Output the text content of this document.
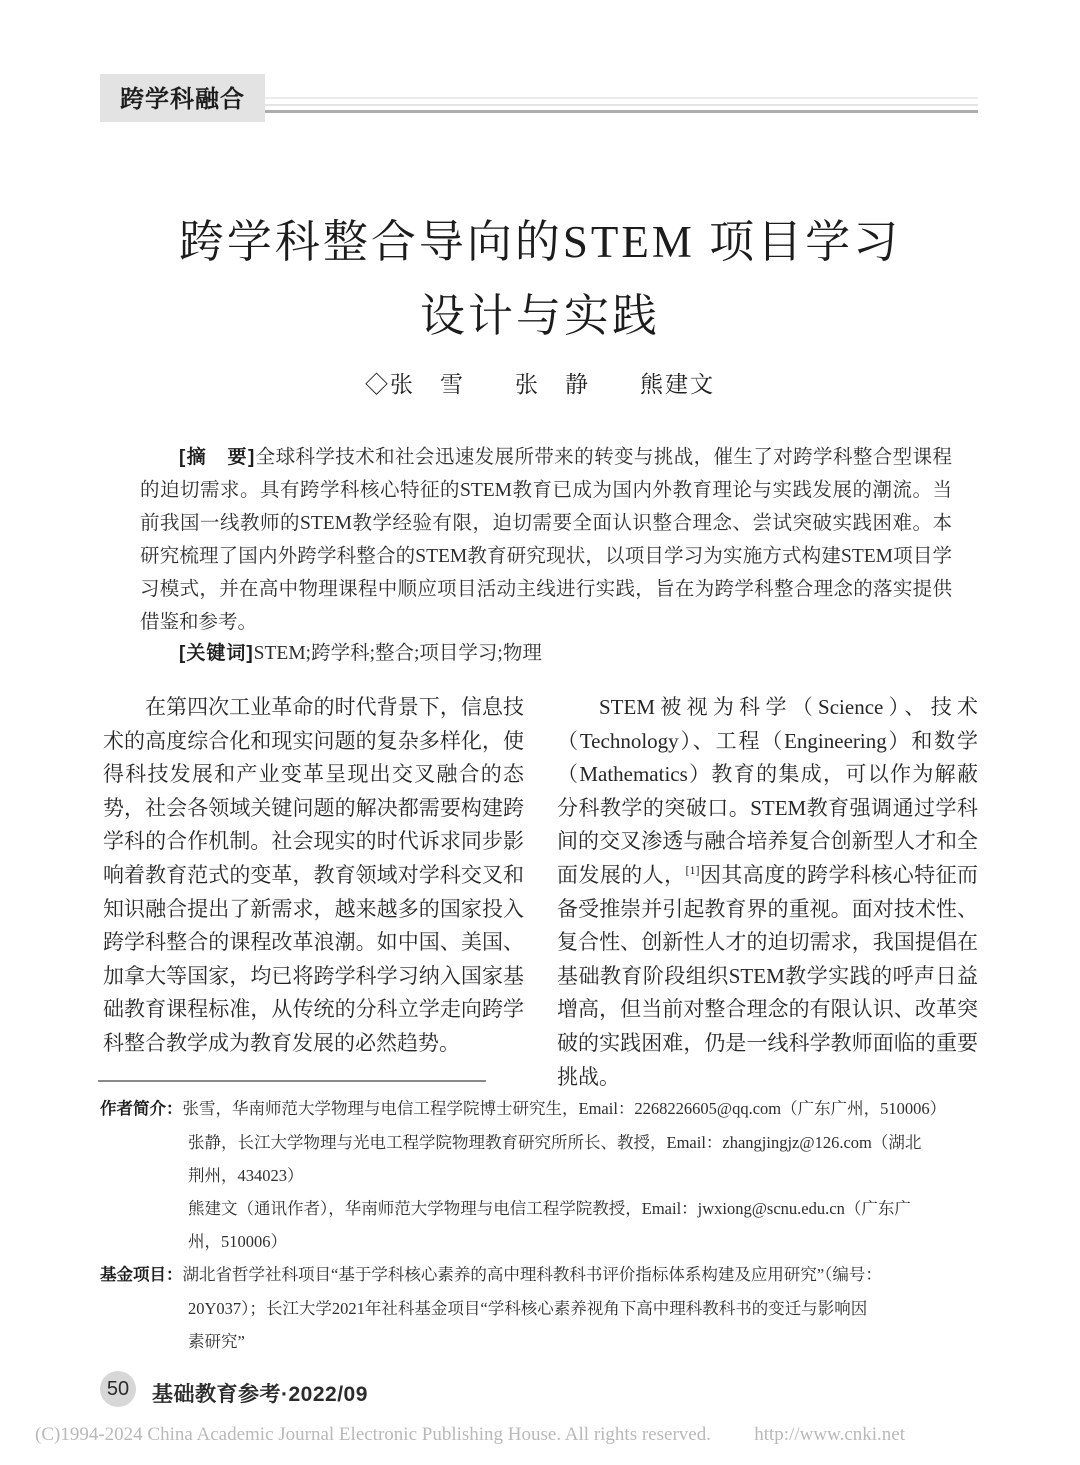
跨学科融合
跨学科整合导向的STEM 项目学习
设计与实践
◇张　雪　　张　静　　熊建文
[摘　要]全球科学技术和社会迅速发展所带来的转变与挑战，催生了对跨学科整合型课程的迫切需求。具有跨学科核心特征的STEM教育已成为国内外教育理论与实践发展的潮流。当前我国一线教师的STEM教学经验有限，迫切需要全面认识整合理念、尝试突破实践困难。本研究梳理了国内外跨学科整合的STEM教育研究现状，以项目学习为实施方式构建STEM项目学习模式，并在高中物理课程中顺应项目活动主线进行实践，旨在为跨学科整合理念的落实提供借鉴和参考。
[关键词]STEM;跨学科;整合;项目学习;物理

在第四次工业革命的时代背景下，信息技术的高度综合化和现实问题的复杂多样化，使得科技发展和产业变革呈现出交叉融合的态势，社会各领域关键问题的解决都需要构建跨学科的合作机制。社会现实的时代诉求同步影响着教育范式的变革，教育领域对学科交叉和知识融合提出了新需求，越来越多的国家投入跨学科整合的课程改革浪潮。如中国、美国、加拿大等国家，均已将跨学科学习纳入国家基础教育课程标准，从传统的分科立学走向跨学科整合教学成为教育发展的必然趋势。

STEM被视为科学（Science）、技术（Technology）、工程（Engineering）和数学（Mathematics）教育的集成，可以作为解蔽分科教学的突破口。STEM教育强调通过学科间的交叉渗透与融合培养复合创新型人才和全面发展的人，[1]因其高度的跨学科核心特征而备受推崇并引起教育界的重视。面对技术性、复合性、创新性人才的迫切需求，我国提倡在基础教育阶段组织STEM教学实践的呼声日益增高，但当前对整合理念的有限认识、改革突破的实践困难，仍是一线科学教师面临的重要挑战。

作者简介：张雪，华南师范大学物理与电信工程学院博士研究生，Email：2268226605@qq.com（广东广州，510006）
张静，长江大学物理与光电工程学院物理教育研究所所长、教授，Email：zhangjingjz@126.com（湖北
荆州，434023）
熊建文（通讯作者），华南师范大学物理与电信工程学院教授，Email：jwxiong@scnu.edu.cn（广东广
州，510006）
基金项目：湖北省哲学社科项目“基于学科核心素养的高中理科教科书评价指标体系构建及应用研究”（编号：
20Y037）；长江大学2021年社科基金项目“学科核心素养视角下高中理科教科书的变迁与影响因
素研究”
50	基础教育参考·2022/09
(C)1994-2024 China Academic Journal Electronic Publishing House. All rights reserved. http://www.cnki.net
